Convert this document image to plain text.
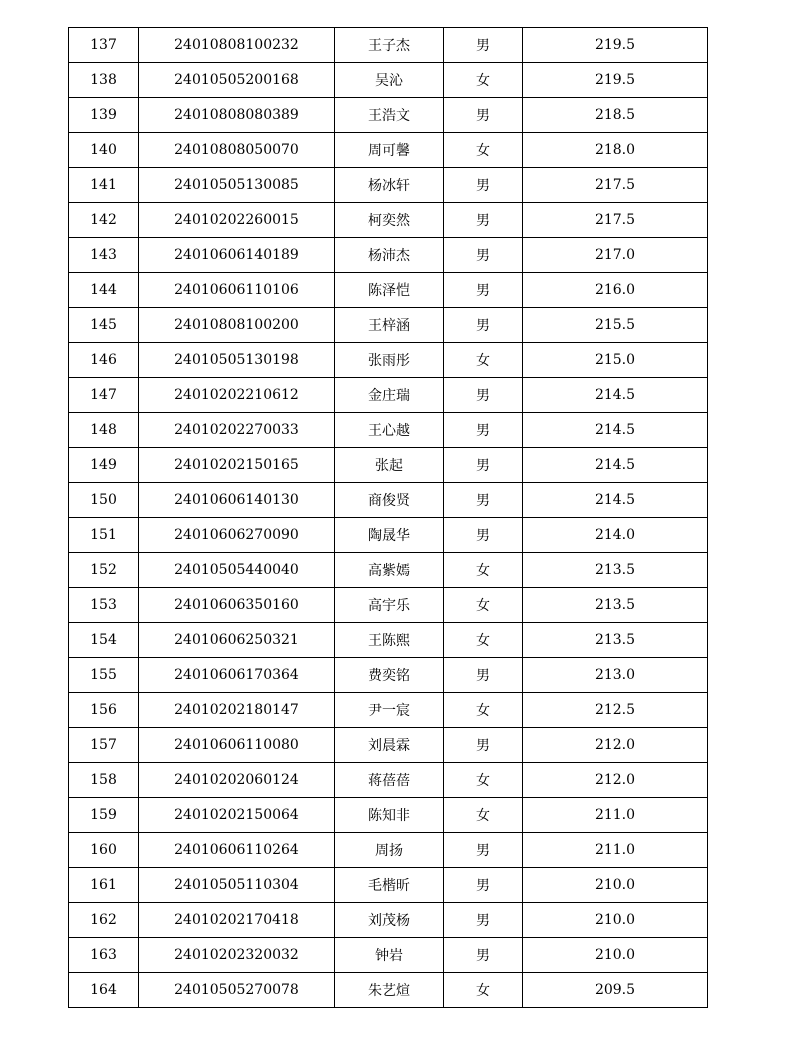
137	24010808100232	王子杰	男	219.5
138	24010505200168	吴沁	女	219.5
139	24010808080389	王浩文	男	218.5
140	24010808050070	周可馨	女	218.0
141	24010505130085	杨冰轩	男	217.5
142	24010202260015	柯奕然	男	217.5
143	24010606140189	杨沛杰	男	217.0
144	24010606110106	陈泽恺	男	216.0
145	24010808100200	王梓涵	男	215.5
146	24010505130198	张雨彤	女	215.0
147	24010202210612	金庄瑞	男	214.5
148	24010202270033	王心越	男	214.5
149	24010202150165	张起	男	214.5
150	24010606140130	商俊贤	男	214.5
151	24010606270090	陶晟华	男	214.0
152	24010505440040	高紫嫣	女	213.5
153	24010606350160	高宇乐	女	213.5
154	24010606250321	王陈熙	女	213.5
155	24010606170364	费奕铭	男	213.0
156	24010202180147	尹一宸	女	212.5
157	24010606110080	刘晨霖	男	212.0
158	24010202060124	蒋蓓蓓	女	212.0
159	24010202150064	陈知非	女	211.0
160	24010606110264	周扬	男	211.0
161	24010505110304	毛楷昕	男	210.0
162	24010202170418	刘茂杨	男	210.0
163	24010202320032	钟岩	男	210.0
164	24010505270078	朱艺煊	女	209.5
